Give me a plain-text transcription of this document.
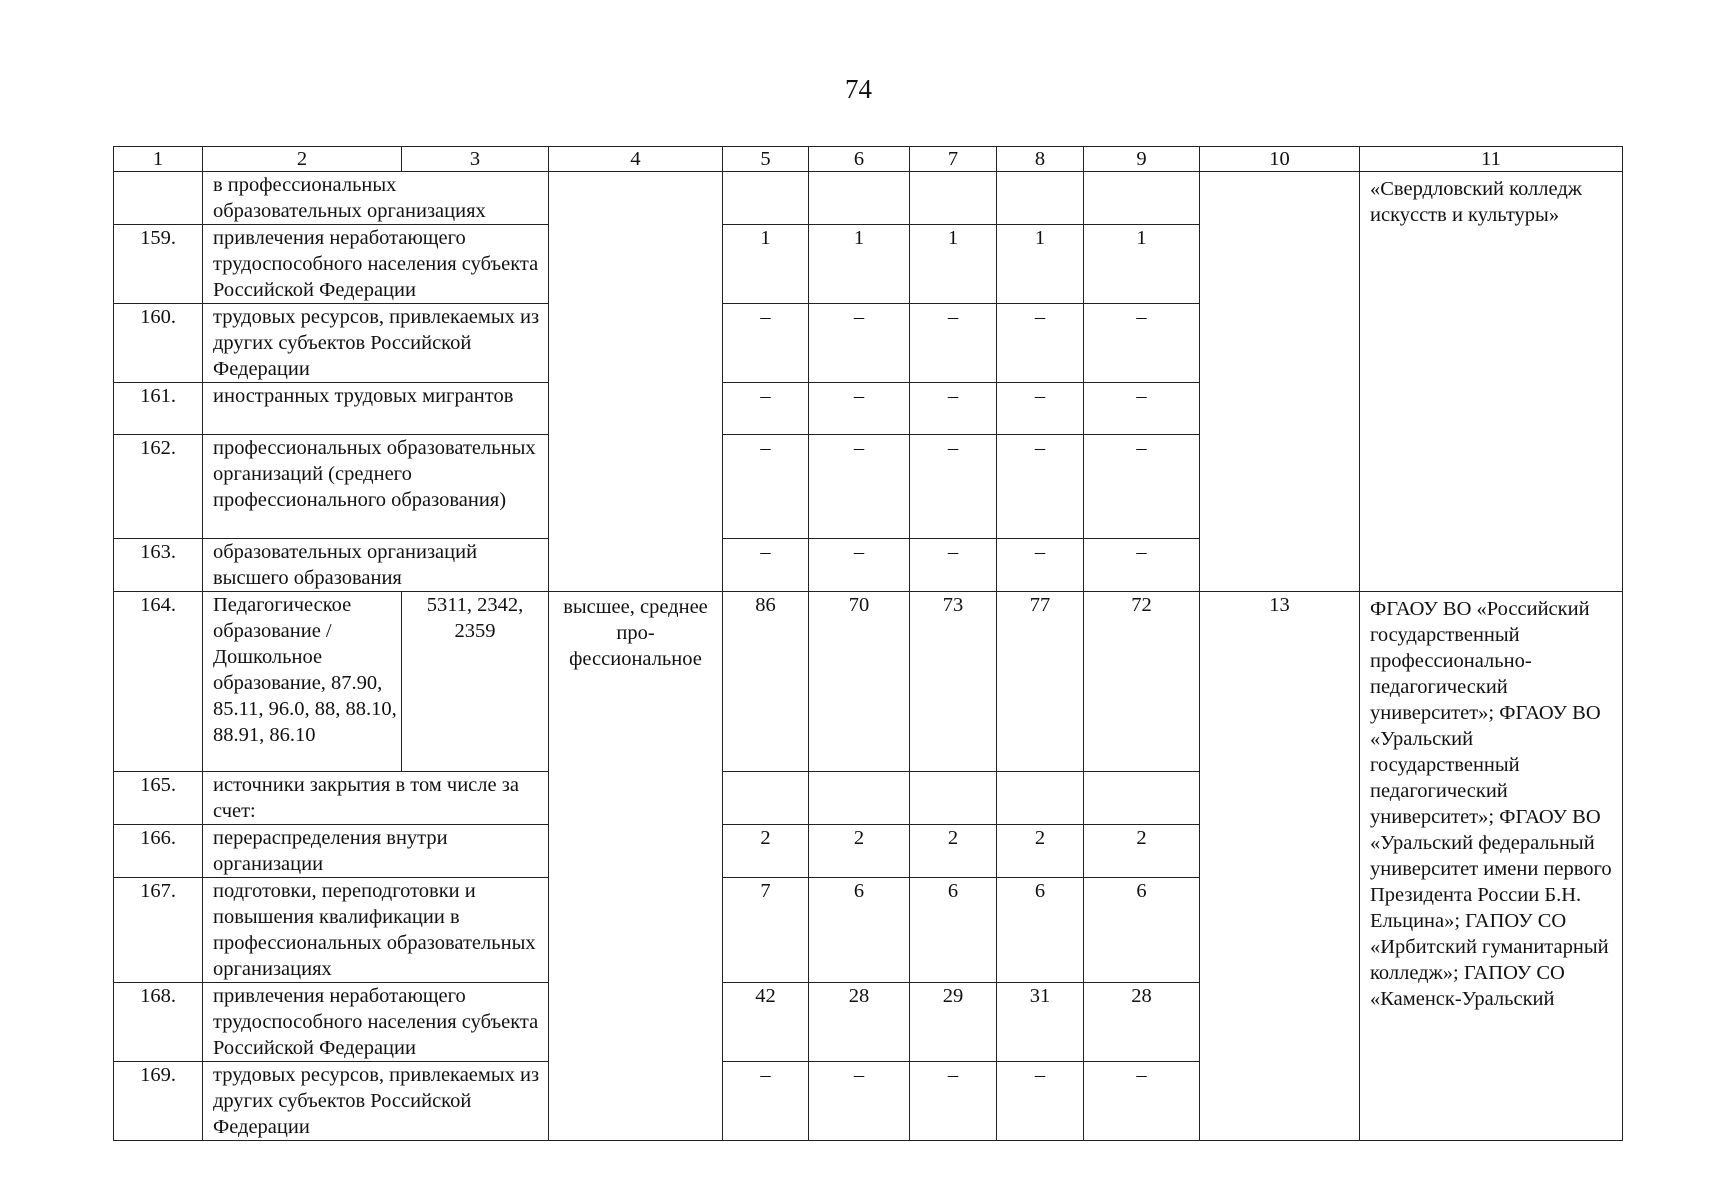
74
1	2	3	4	5	6	7	8	9	10	11
	в профессиональных образовательных организациях									«Свердловский колледж искусств и культуры»
159.	привлечения неработающего трудоспособного населения субъекта Российской Федерации			1	1	1	1	1		
160.	трудовых ресурсов, привлекаемых из других субъектов Российской Федерации			–	–	–	–	–		
161.	иностранных трудовых мигрантов			–	–	–	–	–		
162.	профессиональных образовательных организаций (среднего профессионального образования)			–	–	–	–	–		
163.	образовательных организаций высшего образования			–	–	–	–	–		
164.	Педагогическое образование / Дошкольное образование, 87.90, 85.11, 96.0, 88, 88.10, 88.91, 86.10	5311, 2342, 2359	высшее, среднее про-фессиональное	86	70	73	77	72	13	ФГАОУ ВО «Российский государственный профессионально-педагогический университет»; ФГАОУ ВО «Уральский государственный педагогический университет»; ФГАОУ ВО «Уральский федеральный университет имени первого Президента России Б.Н. Ельцина»; ГАПОУ СО «Ирбитский гуманитарный колледж»; ГАПОУ СО «Каменск-Уральский
165.	источники закрытия в том числе за счет:									
166.	перераспределения внутри организации			2	2	2	2	2		
167.	подготовки, переподготовки и повышения квалификации в профессиональных образовательных организациях			7	6	6	6	6		
168.	привлечения неработающего трудоспособного населения субъекта Российской Федерации			42	28	29	31	28		
169.	трудовых ресурсов, привлекаемых из других субъектов Российской Федерации			–	–	–	–	–		
